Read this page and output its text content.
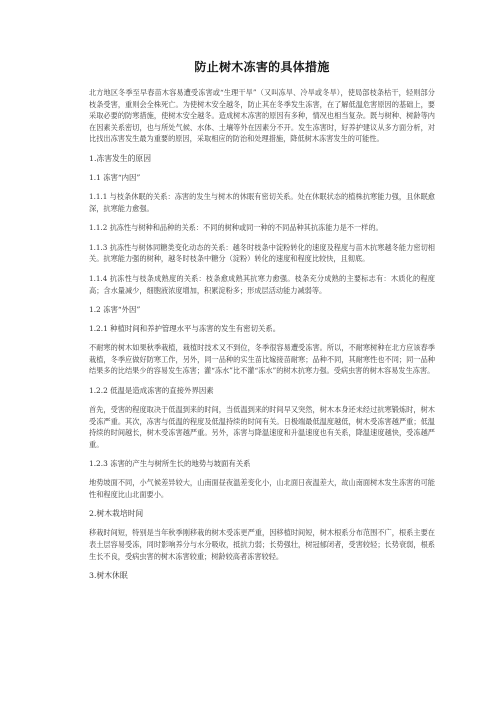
防止树木冻害的具体措施

北方地区冬季至早春苗木容易遭受冻害或“生理干旱”（又叫冻旱、冷旱或冬旱），使局部枝条枯干，轻则部分枝条受害，重则会全株死亡。为使树木安全越冬，防止其在冬季发生冻害，在了解低温危害原因的基础上，要采取必要的防寒措施，使树木安全越冬。造成树木冻害的原因有多种，情况也相当复杂。既与树种、树龄等内在因素关系密切，也与所处气候、水体、土壤等外在因素分不开。发生冻害时，好养护建议从多方面分析，对比找出冻害发生最为重要的原因，采取相应的防治和处理措施，降低树木冻害发生的可能性。

1.冻害发生的原因

1.1 冻害“内因”

1.1.1 与枝条休眠的关系：冻害的发生与树木的休眠有密切关系。处在休眠状态的植株抗寒能力强，且休眠愈深，抗寒能力愈强。

1.1.2 抗冻性与树种和品种的关系：不同的树种或同一种的不同品种其抗冻能力是不一样的。

1.1.3 抗冻性与树体同糖类变化动态的关系：越冬时枝条中淀粉转化的速度及程度与苗木抗寒越冬能力密切相关。抗寒能力强的树种，越冬时枝条中糖分（淀粉）转化的速度和程度比较快，且彻底。

1.1.4 抗冻性与枝条成熟度的关系：枝条愈成熟其抗寒力愈强。枝条充分成熟的主要标志有：木质化的程度高；含水量减少，细胞液浓度增加，积累淀粉多；形成层活动能力减弱等。

1.2 冻害“外因”

1.2.1 种植时间和养护管理水平与冻害的发生有密切关系。

不耐寒的树木如果秋季栽植，栽植时技术又不到位，冬季很容易遭受冻害。所以，不耐寒树种在北方应该春季栽植，冬季应做好防寒工作，另外，同一品种的实生苗比嫁接苗耐寒；品种不同，其耐寒性也不同；同一品种结果多的比结果少的容易发生冻害；灌“冻水”比不灌“冻水”的树木抗寒力强。受病虫害的树木容易发生冻害。

1.2.2 低温是造成冻害的直接外界因素

首先，受害的程度取决于低温到来的时间，当低温到来的时间早又突然，树木本身还未经过抗寒锻炼时，树木受冻严重。其次，冻害与低温的程度及低温持续的时间有关。日极端最低温度越低，树木受冻害越严重；低温持续的时间越长，树木受冻害越严重。另外，冻害与降温速度和升温速度也有关系，降温速度越快，受冻越严重。

1.2.3 冻害的产生与树所生长的地势与坡面有关系

地势坡面不同，小气候差异较大，山南面昼夜温差变化小，山北面日夜温差大，故山南面树木发生冻害的可能性和程度比山北面要小。

2.树木栽培时间

移栽时间短，特别是当年秋季刚移栽的树木受冻更严重，因移植时间短，树木根系分布范围不广，根系主要在表土层容易受冻，同时影响养分与水分吸收，抵抗力弱；长势强壮，树冠郁闭者，受害较轻；长势衰弱，根系生长不良，受病虫害的树木冻害较重；树龄较高者冻害较轻。

3.树木休眠
